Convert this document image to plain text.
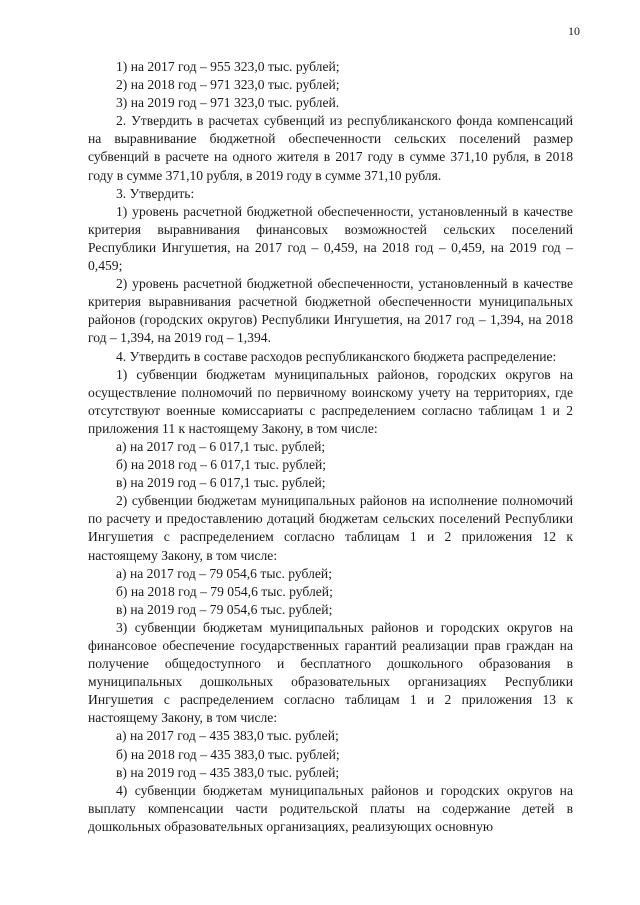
10

1) на 2017 год – 955 323,0 тыс. рублей;

2) на 2018 год – 971 323,0 тыс. рублей;

3) на 2019 год – 971 323,0 тыс. рублей.

2. Утвердить в расчетах субвенций из республиканского фонда компенсаций на выравнивание бюджетной обеспеченности сельских поселений размер субвенций в расчете на одного жителя в 2017 году в сумме 371,10 рубля, в 2018 году в сумме 371,10 рубля, в 2019 году в сумме 371,10 рубля.

3. Утвердить:

1) уровень расчетной бюджетной обеспеченности, установленный в качестве критерия выравнивания финансовых возможностей сельских поселений Республики Ингушетия, на 2017 год – 0,459, на 2018 год – 0,459, на 2019 год – 0,459;

2) уровень расчетной бюджетной обеспеченности, установленный в качестве критерия выравнивания расчетной бюджетной обеспеченности муниципальных районов (городских округов) Республики Ингушетия, на 2017 год – 1,394, на 2018 год – 1,394, на 2019 год – 1,394.

4. Утвердить в составе расходов республиканского бюджета распределение:

1) субвенции бюджетам муниципальных районов, городских округов на осуществление полномочий по первичному воинскому учету на территориях, где отсутствуют военные комиссариаты с распределением согласно таблицам 1 и 2 приложения 11 к настоящему Закону, в том числе:

а) на 2017 год – 6 017,1 тыс. рублей;

б) на 2018 год – 6 017,1 тыс. рублей;

в) на 2019 год – 6 017,1 тыс. рублей;

2) субвенции бюджетам муниципальных районов на исполнение полномочий по расчету и предоставлению дотаций бюджетам сельских поселений Республики Ингушетия с распределением согласно таблицам 1 и 2 приложения 12 к настоящему Закону, в том числе:

а) на 2017 год – 79 054,6 тыс. рублей;

б) на 2018 год – 79 054,6 тыс. рублей;

в) на 2019 год – 79 054,6 тыс. рублей;

3) субвенции бюджетам муниципальных районов и городских округов на финансовое обеспечение государственных гарантий реализации прав граждан на получение общедоступного и бесплатного дошкольного образования в муниципальных дошкольных образовательных организациях Республики Ингушетия с распределением согласно таблицам 1 и 2 приложения 13 к настоящему Закону, в том числе:

а) на 2017 год – 435 383,0 тыс. рублей;

б) на 2018 год – 435 383,0 тыс. рублей;

в) на 2019 год – 435 383,0 тыс. рублей;

4) субвенции бюджетам муниципальных районов и городских округов на выплату компенсации части родительской платы на содержание детей в дошкольных образовательных организациях, реализующих основную
